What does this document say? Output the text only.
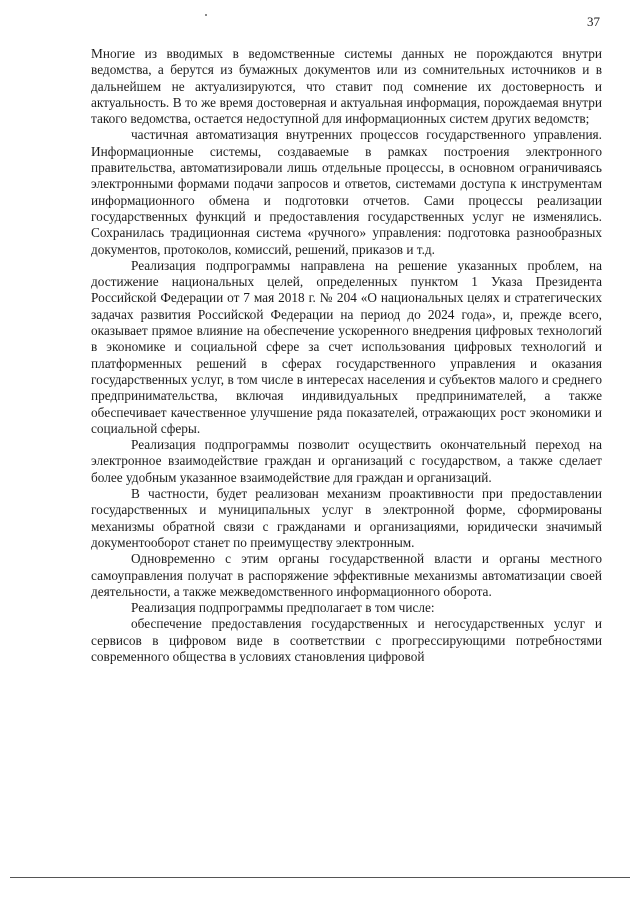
37

Многие из вводимых в ведомственные системы данных не порождаются внутри ведомства, а берутся из бумажных документов или из сомнительных источников и в дальнейшем не актуализируются, что ставит под сомнение их достоверность и актуальность. В то же время достоверная и актуальная информация, порождаемая внутри такого ведомства, остается недоступной для информационных систем других ведомств;

частичная автоматизация внутренних процессов государственного управления. Информационные системы, создаваемые в рамках построения электронного правительства, автоматизировали лишь отдельные процессы, в основном ограничиваясь электронными формами подачи запросов и ответов, системами доступа к инструментам информационного обмена и подготовки отчетов. Сами процессы реализации государственных функций и предоставления государственных услуг не изменялись. Сохранилась традиционная система «ручного» управления: подготовка разнообразных документов, протоколов, комиссий, решений, приказов и т.д.

Реализация подпрограммы направлена на решение указанных проблем, на достижение национальных целей, определенных пунктом 1 Указа Президента Российской Федерации от 7 мая 2018 г. № 204 «О национальных целях и стратегических задачах развития Российской Федерации на период до 2024 года», и, прежде всего, оказывает прямое влияние на обеспечение ускоренного внедрения цифровых технологий в экономике и социальной сфере за счет использования цифровых технологий и платформенных решений в сферах государственного управления и оказания государственных услуг, в том числе в интересах населения и субъектов малого и среднего предпринимательства, включая индивидуальных предпринимателей, а также обеспечивает качественное улучшение ряда показателей, отражающих рост экономики и социальной сферы.

Реализация подпрограммы позволит осуществить окончательный переход на электронное взаимодействие граждан и организаций с государством, а также сделает более удобным указанное взаимодействие для граждан и организаций.

В частности, будет реализован механизм проактивности при предоставлении государственных и муниципальных услуг в электронной форме, сформированы механизмы обратной связи с гражданами и организациями, юридически значимый документооборот станет по преимуществу электронным.

Одновременно с этим органы государственной власти и органы местного самоуправления получат в распоряжение эффективные механизмы автоматизации своей деятельности, а также межведомственного информационного оборота.

Реализация подпрограммы предполагает в том числе:

обеспечение предоставления государственных и негосударственных услуг и сервисов в цифровом виде в соответствии с прогрессирующими потребностями современного общества в условиях становления цифровой
